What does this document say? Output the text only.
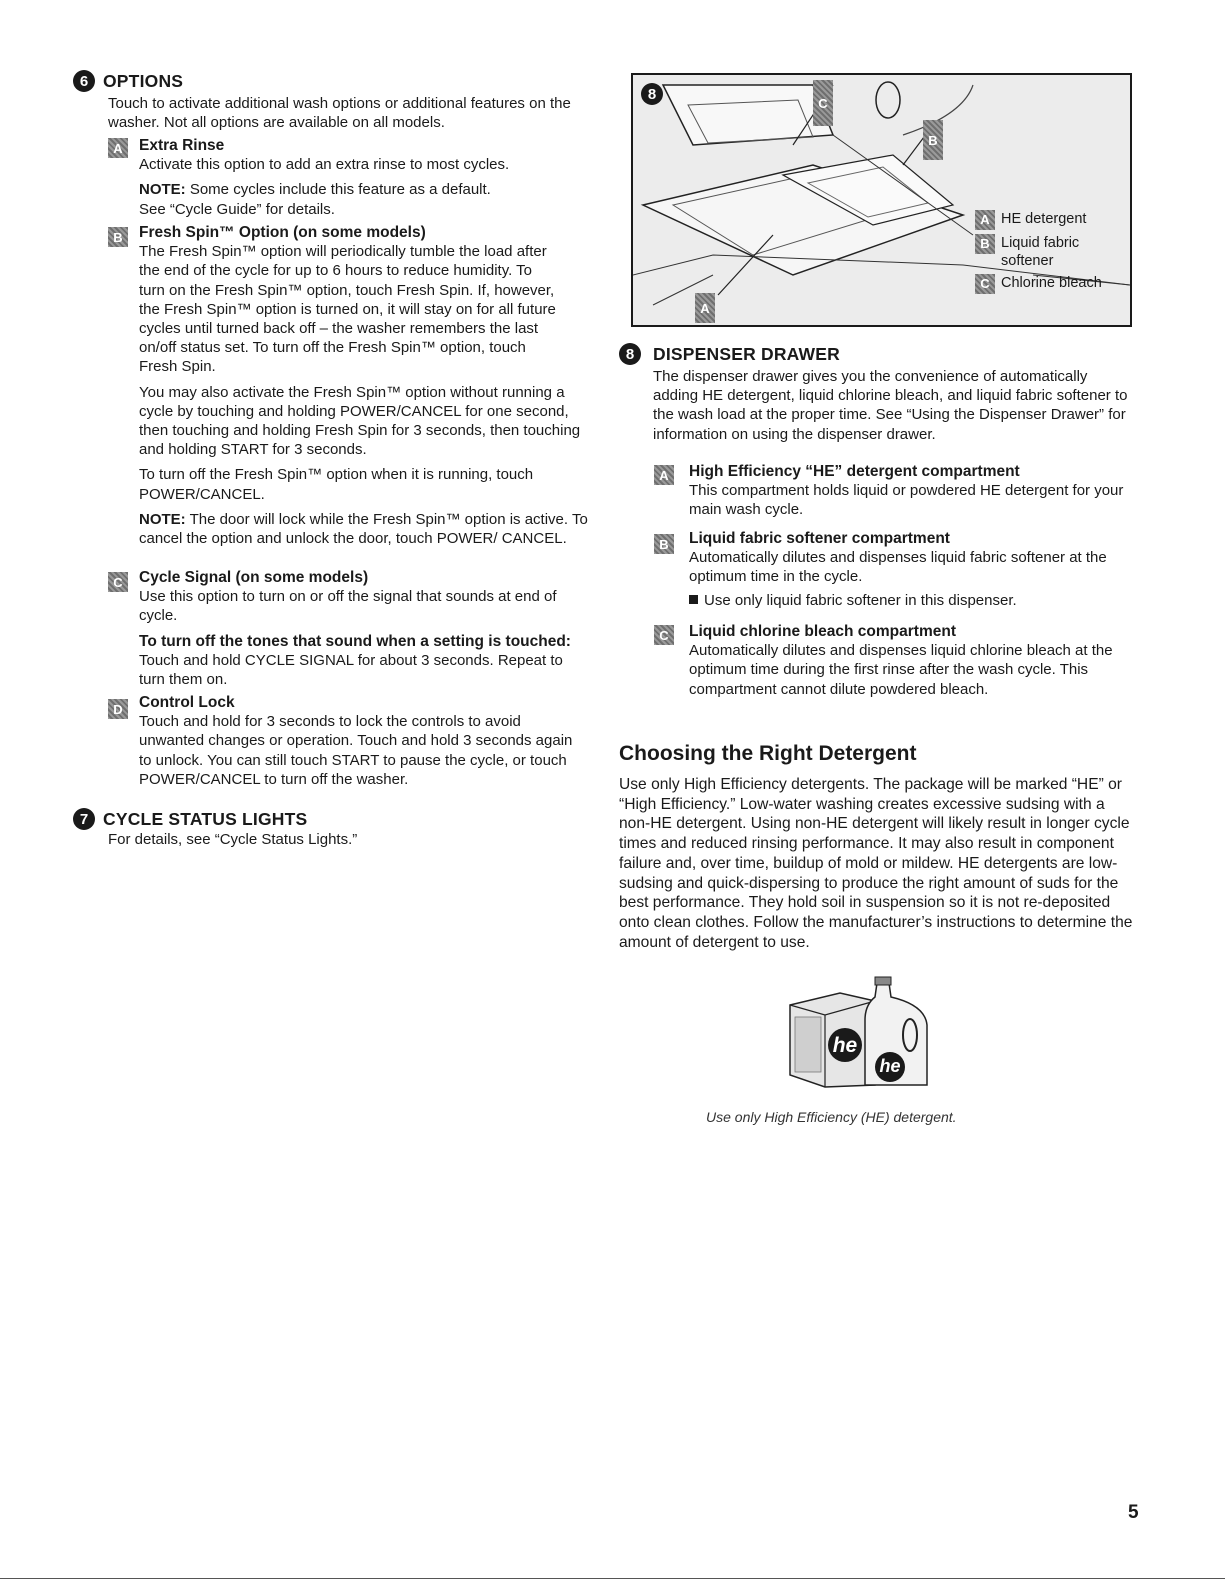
6 OPTIONS
Touch to activate additional wash options or additional features on the washer. Not all options are available on all models.
A	Extra Rinse

Activate this option to add an extra rinse to most cycles.

NOTE: Some cycles include this feature as a default. See “Cycle Guide” for details.

B	Fresh Spin™ Option (on some models)

The Fresh Spin™ option will periodically tumble the load after the end of the cycle for up to 6 hours to reduce humidity. To turn on the Fresh Spin™ option, touch Fresh Spin. If, however, the Fresh Spin™ option is turned on, it will stay on for all future cycles until turned back off – the washer remembers the last on/off status set. To turn off the Fresh Spin™ option, touch Fresh Spin.

You may also activate the Fresh Spin™ option without running a cycle by touching and holding POWER/CANCEL for one second, then touching and holding Fresh Spin for 3 seconds, then touching and holding START for 3 seconds.

To turn off the Fresh Spin™ option when it is running, touch POWER/CANCEL.

NOTE: The door will lock while the Fresh Spin™ option is active. To cancel the option and unlock the door, touch POWER/ CANCEL.

C	Cycle Signal (on some models)

Use this option to turn on or off the signal that sounds at end of cycle.

To turn off the tones that sound when a setting is touched:

Touch and hold CYCLE SIGNAL for about 3 seconds. Repeat to turn them on.

D	Control Lock

Touch and hold for 3 seconds to lock the controls to avoid unwanted changes or operation. Touch and hold 3 seconds again to unlock. You can still touch START to pause the cycle, or touch POWER/CANCEL to turn off the washer.

7 CYCLE STATUS LIGHTS
For details, see “Cycle Status Lights.”
8
C
B
A
A HE detergent
B Liquid fabric softener
C Chlorine bleach
8	DISPENSER DRAWER
The dispenser drawer gives you the convenience of automatically adding HE detergent, liquid chlorine bleach, and liquid fabric softener to the wash load at the proper time. See “Using the Dispenser Drawer” for information on using the dispenser drawer.
A	High Efficiency “HE” detergent compartment

This compartment holds liquid or powdered HE detergent for your main wash cycle.

B	Liquid fabric softener compartment

Automatically dilutes and dispenses liquid fabric softener at the optimum time in the cycle.

Use only liquid fabric softener in this dispenser.

C	Liquid chlorine bleach compartment

Automatically dilutes and dispenses liquid chlorine bleach at the optimum time during the first rinse after the wash cycle. This compartment cannot dilute powdered bleach.

Choosing the Right Detergent
Use only High Efficiency detergents. The package will be marked “HE” or “High Efficiency.” Low-water washing creates excessive sudsing with a non-HE detergent. Using non-HE detergent will likely result in longer cycle times and reduced rinsing performance. It may also result in component failure and, over time, buildup of mold or mildew. HE detergents are low-sudsing and quick-dispersing to produce the right amount of suds for the best performance. They hold soil in suspension so it is not re-deposited onto clean clothes. Follow the manufacturer’s instructions to determine the amount of detergent to use.
he
he
Use only High Efficiency (HE) detergent.
5
